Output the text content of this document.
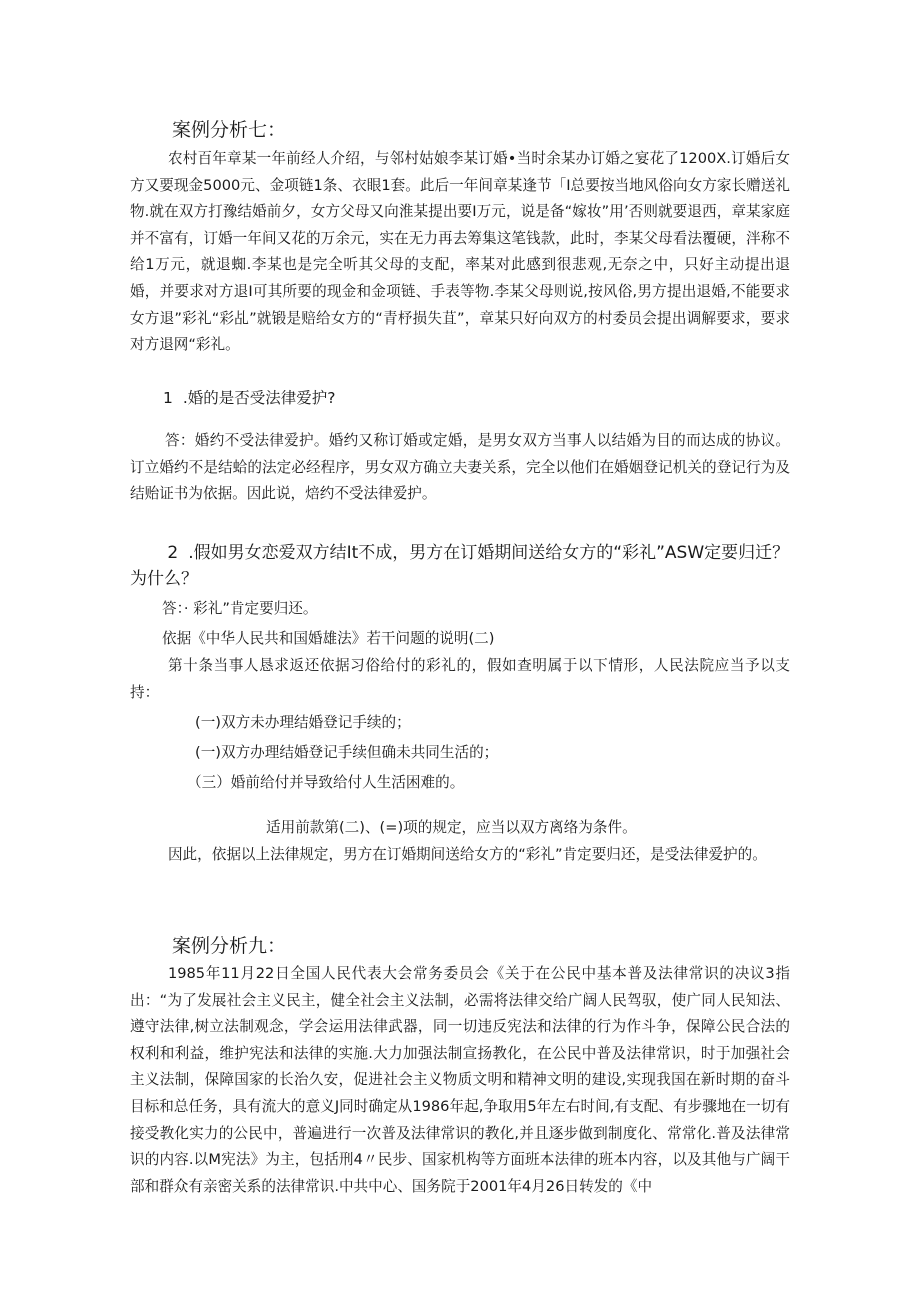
案例分析七：

农村百年章某一年前经人介绍，与邻村姑娘李某订婚•当时余某办订婚之宴花了1200X.订婚后女方又要现金5000元、金项链1条、衣眼1套。此后一年间章某逢节「I总要按当地风俗向女方家长赠送礼物.就在双方打豫结婚前夕，女方父母又向淮某提出要I万元，说是备“嫁妆”用’否则就要退西，章某家庭并不富有，订婚一年间又花的万余元，实在无力再去筹集这笔钱款，此时，李某父母看法覆硬，泮称不给1万元，就退蜘.李某也是完全听其父母的支配，率某对此感到很悲观,无奈之中，只好主动提出退婚，并要求对方退I可其所要的现金和金项链、手表等物.李某父母则说,按风俗,男方提出退婚,不能要求女方退”彩礼“彩乩”就锻是赔给女方的“青杼损失苴”，章某只好向双方的村委员会提出调解要求，要求对方退网“彩礼。

1 .婚的是否受法律爱护?

答：婚约不受法律爱护。婚约又称订婚或定婚，是男女双方当事人以结婚为目的而达成的协议。订立婚约不是结蛤的法定必经程序，男女双方确立夫妻关系，完全以他们在婚姻登记机关的登记行为及结贻证书为依据。因此说，焙约不受法律爱护。

2 .假如男女恋爱双方结It不成，男方在订婚期间送给女方的“彩礼”ASW定要归迁？为什么？

答：· 彩礼”肯定要归还。
依据《中华人民共和国婚雄法》若干问题的说明(二)

第十条当事人恳求返还依据习俗给付的彩礼的，假如查明属于以下情形，人民法院应当予以支持：

(一)双方未办理结婚登记手续的；
(一)双方办理结婚登记手续但确未共同生活的；
（三）婚前给付并导致给付人生活困难的。
适用前款第(二)、(=)项的规定，应当以双方离络为条件。

因此，依据以上法律规定，男方在订婚期间送给女方的“彩礼”肯定要归还，是受法律爱护的。

案例分析九：

1985年11月22日全国人民代表大会常务委员会《关于在公民中基本普及法律常识的决议3指出：“为了发展社会主义民主，健全社会主义法制，必需将法律交给广阔人民驾驭，使广同人民知法、遵守法律,树立法制观念，学会运用法律武器，同一切违反宪法和法律的行为作斗争，保障公民合法的权利和利益，维护宪法和法律的实施.大力加强法制宣扬教化，在公民中普及法律常识，时于加强社会主义法制，保障国家的长治久安，促进社会主义物质文明和精神文明的建设,实现我国在新时期的奋斗目标和总任务，具有流大的意义J同时确定从1986年起,争取用5年左右时间,有支配、有步骤地在一切有接受教化实力的公民中，普遍进行一次普及法律常识的教化,并且逐步做到制度化、常常化.普及法律常识的内容.以M宪法》为主，包括刑4〃民步、国家机构等方面班本法律的班本内容，以及其他与广阔干部和群众有亲密关系的法律常识.中共中心、国务院于2001年4月26日转发的《中
